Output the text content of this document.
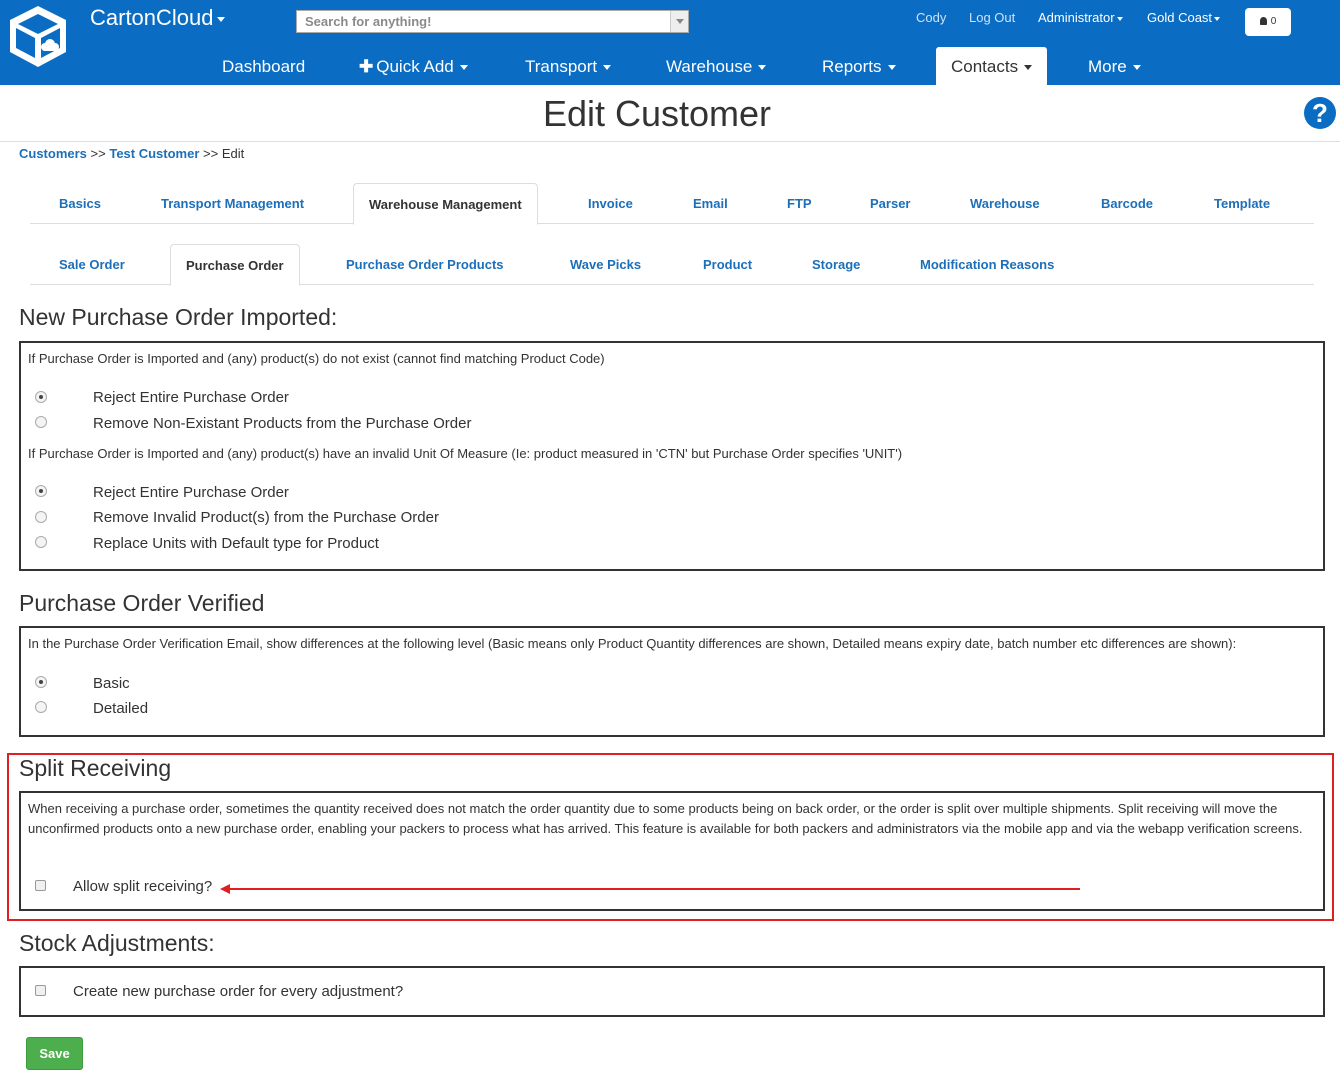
CartonCloud
Search for anything!	Cody Log Out Administrator	Gold Coast	0
Dashboard	✚ Quick Add	Transport	Warehouse	Reports	Contacts	More
Edit Customer	?
Customers >> Test Customer >> Edit
Basics	Transport Management	Warehouse Management	Invoice	Email	FTP	Parser	Warehouse	Barcode	Template
Sale Order	Purchase Order	Purchase Order Products	Wave Picks	Product	Storage	Modification Reasons
New Purchase Order Imported:
If Purchase Order is Imported and (any) product(s) do not exist (cannot find matching Product Code)
Reject Entire Purchase Order
Remove Non-Existant Products from the Purchase Order
If Purchase Order is Imported and (any) product(s) have an invalid Unit Of Measure (Ie: product measured in 'CTN' but Purchase Order specifies 'UNIT')
Reject Entire Purchase Order
Remove Invalid Product(s) from the Purchase Order
Replace Units with Default type for Product
Purchase Order Verified
In the Purchase Order Verification Email, show differences at the following level (Basic means only Product Quantity differences are shown, Detailed means expiry date, batch number etc differences are shown):
Basic
Detailed
Split Receiving
When receiving a purchase order, sometimes the quantity received does not match the order quantity due to some products being on back order, or the order is split over multiple shipments. Split receiving will move the unconfirmed products onto a new purchase order, enabling your packers to process what has arrived. This feature is available for both packers and administrators via the mobile app and via the webapp verification screens.
Allow split receiving?
Stock Adjustments:
Create new purchase order for every adjustment?
Save
